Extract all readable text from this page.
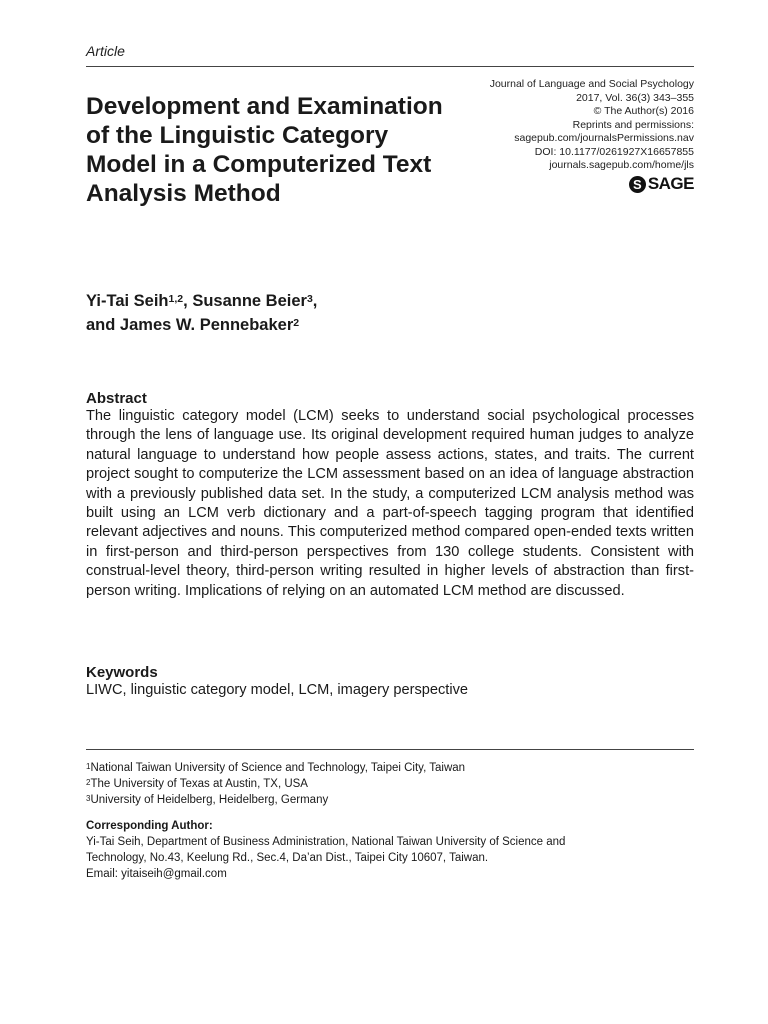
Article
Journal of Language and Social Psychology
2017, Vol. 36(3) 343–355
© The Author(s) 2016
Reprints and permissions:
sagepub.com/journalsPermissions.nav
DOI: 10.1177/0261927X16657855
journals.sagepub.com/home/jls
S SAGE
Development and Examination of the Linguistic Category Model in a Computerized Text Analysis Method
Yi-Tai Seih$^{1,2}$, Susanne Beier$^3$,
and James W. Pennebaker$^2$
Abstract
The linguistic category model (LCM) seeks to understand social psychological processes through the lens of language use. Its original development required human judges to analyze natural language to understand how people assess actions, states, and traits. The current project sought to computerize the LCM assessment based on an idea of language abstraction with a previously published data set. In the study, a computerized LCM analysis method was built using an LCM verb dictionary and a part-of-speech tagging program that identified relevant adjectives and nouns. This computerized method compared open-ended texts written in first-person and third-person perspectives from 130 college students. Consistent with construal-level theory, third-person writing resulted in higher levels of abstraction than first-person writing. Implications of relying on an automated LCM method are discussed.
Keywords
LIWC, linguistic category model, LCM, imagery perspective
$^1$National Taiwan University of Science and Technology, Taipei City, Taiwan
$^2$The University of Texas at Austin, TX, USA
$^3$University of Heidelberg, Heidelberg, Germany
Corresponding Author:
Yi-Tai Seih, Department of Business Administration, National Taiwan University of Science and
Technology, No.43, Keelung Rd., Sec.4, Da’an Dist., Taipei City 10607, Taiwan.
Email: yitaiseih@gmail.com
